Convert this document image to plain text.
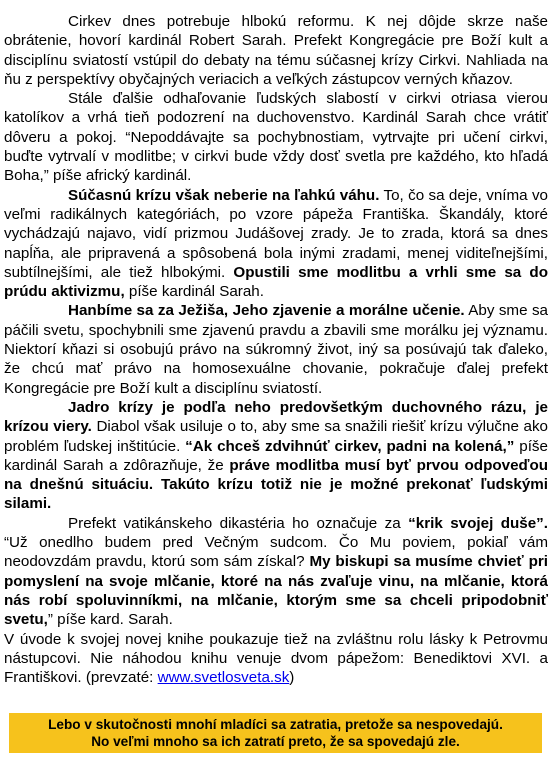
Cirkev dnes potrebuje hlbokú reformu. K nej dôjde skrze naše obrátenie, hovorí kardinál Robert Sarah. Prefekt Kongregácie pre Boží kult a disciplínu sviatostí vstúpil do debaty na tému súčasnej krízy Cirkvi. Nahliada na ňu z perspektívy obyčajných veriacich a veľkých zástupcov verných kňazov.

Stále ďalšie odhaľovanie ľudských slabostí v cirkvi otriasa vierou katolíkov a vrhá tieň podozrení na duchovenstvo. Kardinál Sarah chce vrátiť dôveru a pokoj. “Nepoddávajte sa pochybnostiam, vytrvajte pri učení cirkvi, buďte vytrvalí v modlitbe; v cirkvi bude vždy dosť svetla pre každého, kto hľadá Boha,” píše africký kardinál.

Súčasnú krízu však neberie na ľahkú váhu. To, čo sa deje, vníma vo veľmi radikálnych kategóriách, po vzore pápeža Františka. Škandály, ktoré vychádzajú najavo, vidí prizmou Judášovej zrady. Je to zrada, ktorá sa dnes napĺňa, ale pripravená a spôsobená bola inými zradami, menej viditeľnejšími, subtílnejšími, ale tiež hlbokými. Opustili sme modlitbu a vrhli sme sa do prúdu aktivizmu, píše kardinál Sarah.

Hanbíme sa za Ježiša, Jeho zjavenie a morálne učenie. Aby sme sa páčili svetu, spochybnili sme zjavenú pravdu a zbavili sme morálku jej významu. Niektorí kňazi si osobujú právo na súkromný život, iný sa posúvajú tak ďaleko, že chcú mať právo na homosexuálne chovanie, pokračuje ďalej prefekt Kongregácie pre Boží kult a disciplínu sviatostí.

Jadro krízy je podľa neho predovšetkým duchovného rázu, je krízou viery. Diabol však usiluje o to, aby sme sa snažili riešiť krízu výlučne ako problém ľudskej inštitúcie. “Ak chceš zdvihnúť cirkev, padni na kolená,” píše kardinál Sarah a zdôrazňuje, že práve modlitba musí byť prvou odpoveďou na dnešnú situáciu. Takúto krízu totiž nie je možné prekonať ľudskými silami.

Prefekt vatikánskeho dikastéria ho označuje za “krik svojej duše”. “Už onedlho budem pred Večným sudcom. Čo Mu poviem, pokiaľ vám neodovzdám pravdu, ktorú som sám získal? My biskupi sa musíme chvieť pri pomyslení na svoje mlčanie, ktoré na nás zvaľuje vinu, na mlčanie, ktorá nás robí spoluvinníkmi, na mlčanie, ktorým sme sa chceli pripodobniť svetu,” píše kard. Sarah.

V úvode k svojej novej knihe poukazuje tiež na zvláštnu rolu lásky k Petrovmu nástupcovi. Nie náhodou knihu venuje dvom pápežom: Benediktovi XVI. a Františkovi. (prevzaté: www.svetlosveta.sk)

Lebo v skutočnosti mnohí mladíci sa zatratia, pretože sa nespovedajú.
No veľmi mnoho sa ich zatratí preto, že sa spovedajú zle.
